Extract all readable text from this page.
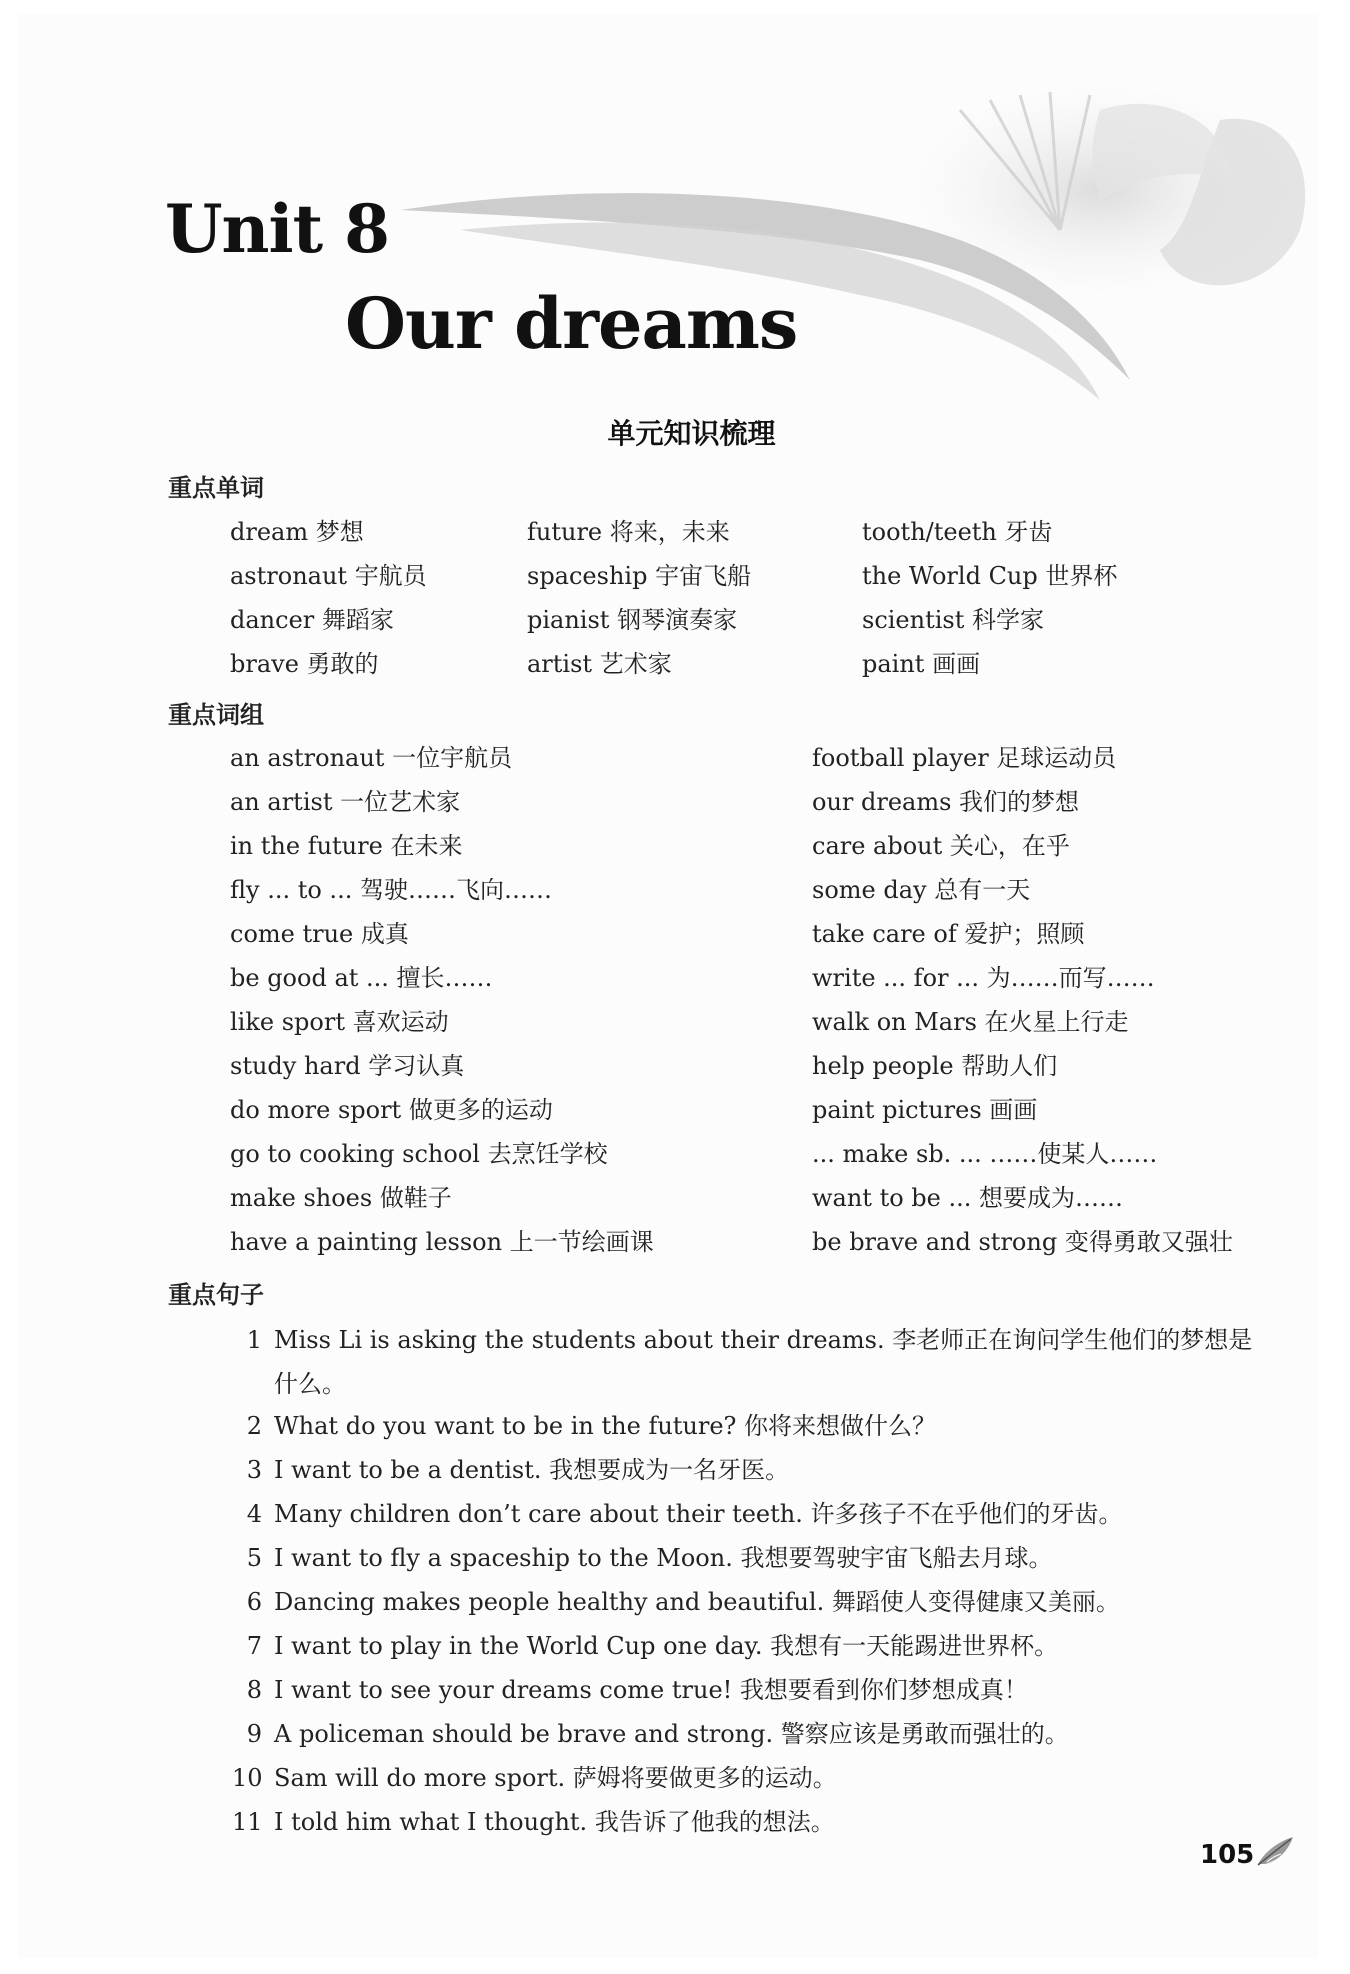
Unit 8
Our dreams
单元知识梳理
重点单词
dream 梦想
astronaut 宇航员
dancer 舞蹈家
brave 勇敢的
future 将来，未来
spaceship 宇宙飞船
pianist 钢琴演奏家
artist 艺术家
tooth/teeth 牙齿
the World Cup 世界杯
scientist 科学家
paint 画画
重点词组
an astronaut 一位宇航员
an artist 一位艺术家
in the future 在未来
fly ... to ... 驾驶……飞向……
come true 成真
be good at ... 擅长……
like sport 喜欢运动
study hard 学习认真
do more sport 做更多的运动
go to cooking school 去烹饪学校
make shoes 做鞋子
have a painting lesson 上一节绘画课
football player 足球运动员
our dreams 我们的梦想
care about 关心，在乎
some day 总有一天
take care of 爱护；照顾
write ... for ... 为……而写……
walk on Mars 在火星上行走
help people 帮助人们
paint pictures 画画
... make sb. ... ……使某人……
want to be ... 想要成为……
be brave and strong 变得勇敢又强壮
重点句子
1 Miss Li is asking the students about their dreams. 李老师正在询问学生他们的梦想是什么。
2 What do you want to be in the future? 你将来想做什么？
3 I want to be a dentist. 我想要成为一名牙医。
4 Many children don’t care about their teeth. 许多孩子不在乎他们的牙齿。
5 I want to fly a spaceship to the Moon. 我想要驾驶宇宙飞船去月球。
6 Dancing makes people healthy and beautiful. 舞蹈使人变得健康又美丽。
7 I want to play in the World Cup one day. 我想有一天能踢进世界杯。
8 I want to see your dreams come true! 我想要看到你们梦想成真！
9 A policeman should be brave and strong. 警察应该是勇敢而强壮的。
10 Sam will do more sport. 萨姆将要做更多的运动。
11 I told him what I thought. 我告诉了他我的想法。
105
